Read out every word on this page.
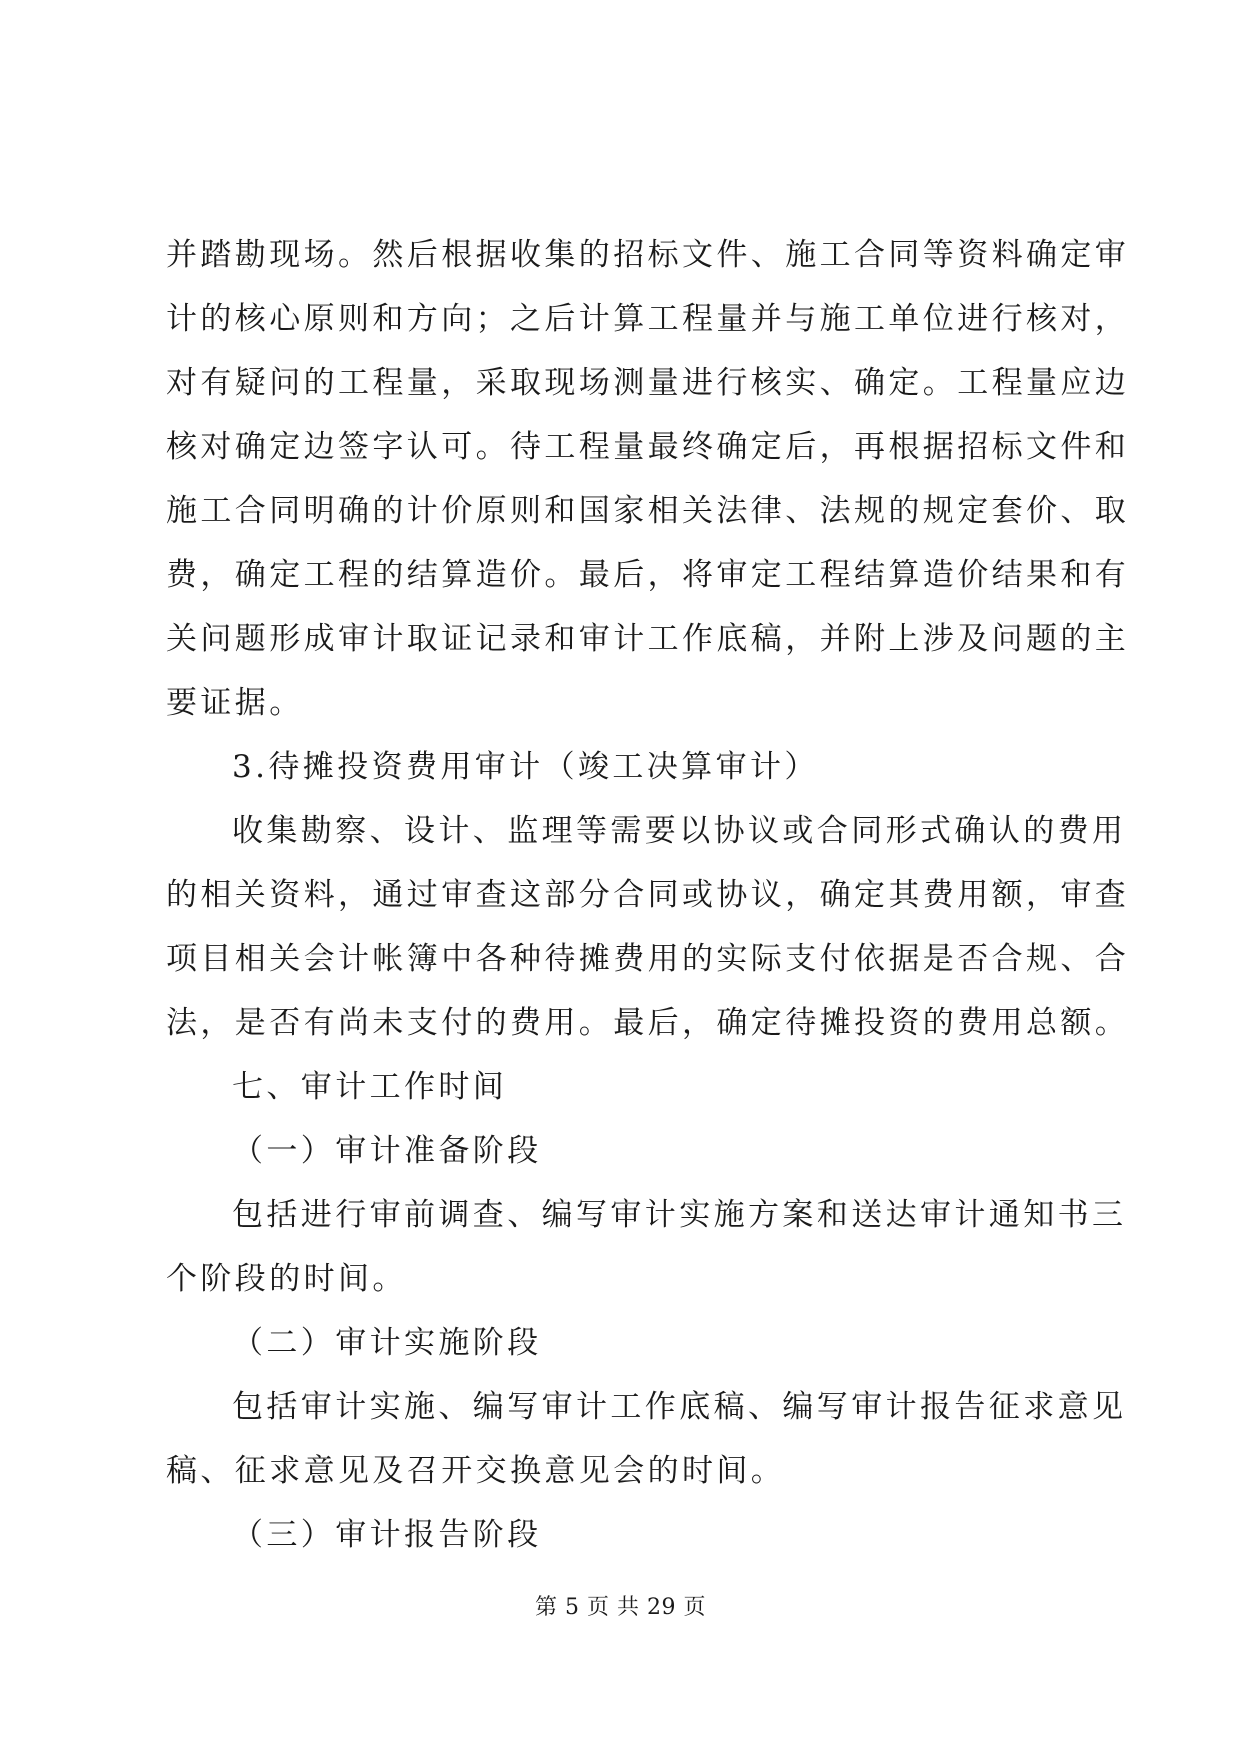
并踏勘现场。然后根据收集的招标文件、施工合同等资料确定审
计的核心原则和方向；之后计算工程量并与施工单位进行核对，
对有疑问的工程量，采取现场测量进行核实、确定。工程量应边
核对确定边签字认可。待工程量最终确定后，再根据招标文件和
施工合同明确的计价原则和国家相关法律、法规的规定套价、取
费，确定工程的结算造价。最后，将审定工程结算造价结果和有
关问题形成审计取证记录和审计工作底稿，并附上涉及问题的主
要证据。
3.待摊投资费用审计（竣工决算审计）
收集勘察、设计、监理等需要以协议或合同形式确认的费用
的相关资料，通过审查这部分合同或协议，确定其费用额，审查
项目相关会计帐簿中各种待摊费用的实际支付依据是否合规、合
法，是否有尚未支付的费用。最后，确定待摊投资的费用总额。
七、审计工作时间
（一）审计准备阶段
包括进行审前调查、编写审计实施方案和送达审计通知书三
个阶段的时间。
（二）审计实施阶段
包括审计实施、编写审计工作底稿、编写审计报告征求意见
稿、征求意见及召开交换意见会的时间。
（三）审计报告阶段
第 5 页 共 29 页
